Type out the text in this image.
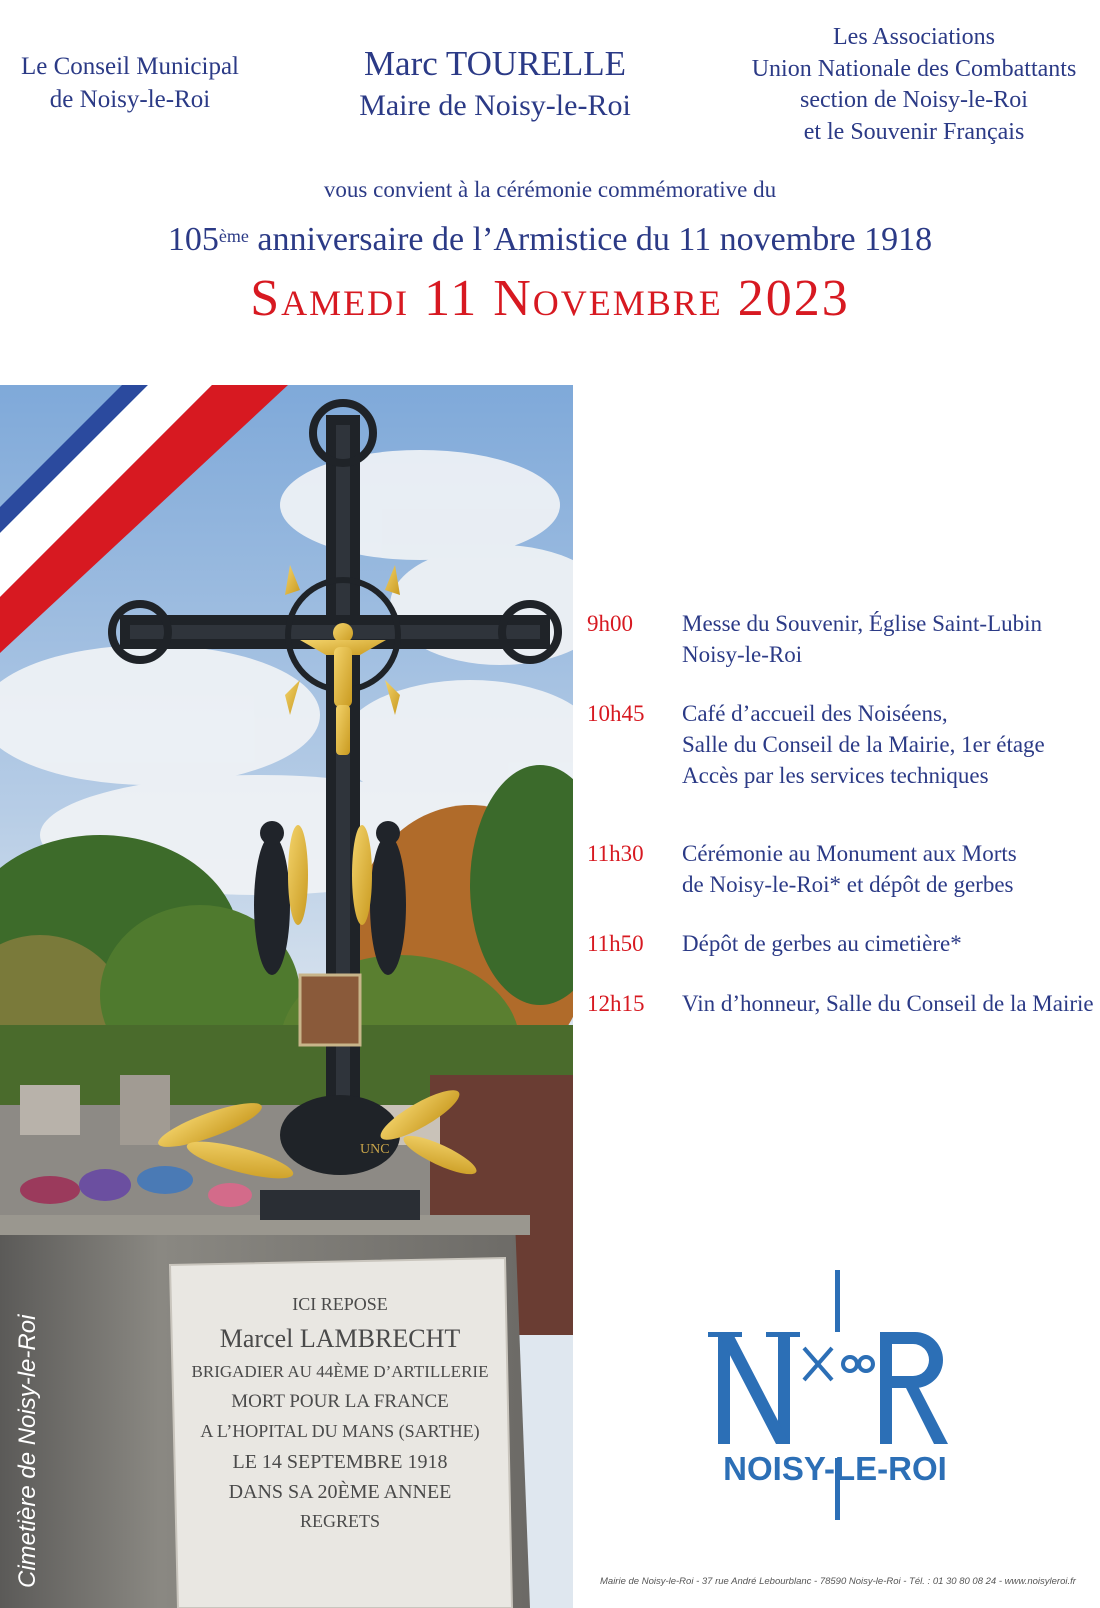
Le Conseil Municipal
de Noisy-le-Roi
Marc TOURELLE
Maire de Noisy-le-Roi
Les Associations
Union Nationale des Combattants
section de Noisy-le-Roi
et le Souvenir Français
vous convient à la cérémonie commémorative du
105ème anniversaire de l’Armistice du 11 novembre 1918
Samedi 11 Novembre 2023
ICI REPOSE
Marcel LAMBRECHT
BRIGADIER AU 44ÈME D’ARTILLERIE
MORT POUR LA FRANCE
A L’HOPITAL DU MANS (SARTHE)
LE 14 SEPTEMBRE 1918
DANS SA 20ÈME ANNEE
REGRETS
UNC
Cimetière de Noisy-le-Roi
9h00	Messe du Souvenir, Église Saint-Lubin
Noisy-le-Roi
10h45	Café d’accueil des Noiséens,
Salle du Conseil de la Mairie, 1er étage
Accès par les services techniques
11h30	Cérémonie au Monument aux Morts
de Noisy-le-Roi* et dépôt de gerbes
11h50	Dépôt de gerbes au cimetière*
12h15	Vin d’honneur, Salle du Conseil de la Mairie
NOISY-LE-ROI
Mairie de Noisy-le-Roi - 37 rue André Lebourblanc - 78590 Noisy-le-Roi - Tél. : 01 30 80 08 24 - www.noisyleroi.fr
